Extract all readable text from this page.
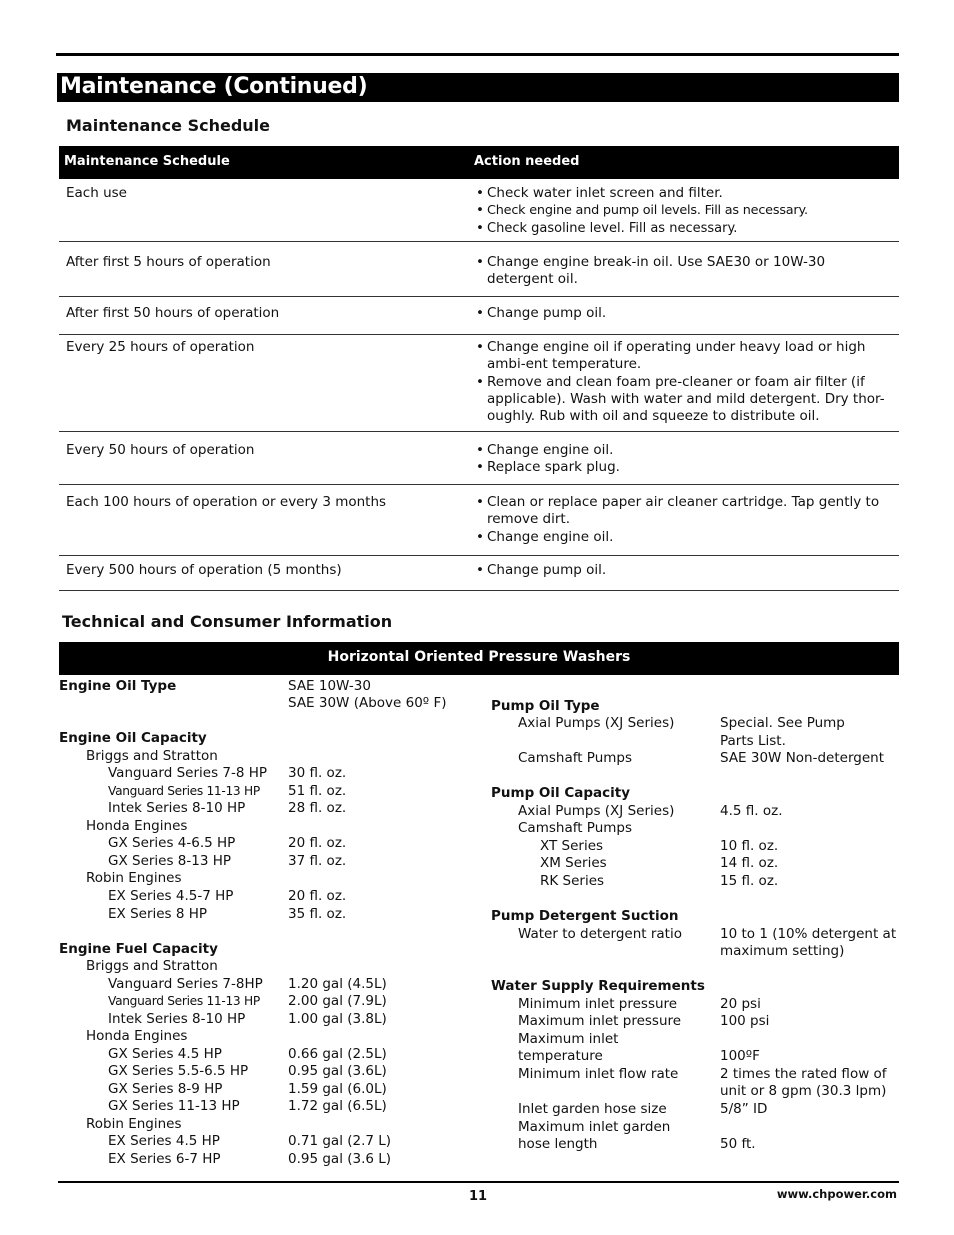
Maintenance (Continued)
Maintenance Schedule
Maintenance Schedule	Action needed
Each use	• Check water inlet screen and filter.
• Check engine and pump oil levels. Fill as necessary.
• Check gasoline level. Fill as necessary.
After first 5 hours of operation	• Change engine break-in oil. Use SAE30 or 10W-30 detergent oil.
After first 50 hours of operation	• Change pump oil.
Every 25 hours of operation	• Change engine oil if operating under heavy load or high ambi-ent temperature.
• Remove and clean foam pre-cleaner or foam air filter (if applicable). Wash with water and mild detergent. Dry thor-oughly. Rub with oil and squeeze to distribute oil.
Every 50 hours of operation	• Change engine oil.
• Replace spark plug.
Each 100 hours of operation or every 3 months	• Clean or replace paper air cleaner cartridge. Tap gently to remove dirt.
• Change engine oil.
Every 500 hours of operation (5 months)	• Change pump oil.
Technical and Consumer Information
Horizontal Oriented Pressure Washers
Engine Oil Type	SAE 10W-30
SAE 30W (Above 60º F)
Engine Oil Capacity
Briggs and Stratton
Vanguard Series 7-8 HP 30 fl. oz.
Vanguard Series 11-13 HP 51 fl. oz.
Intek Series 8-10 HP	28 fl. oz.
Honda Engines
GX Series 4-6.5 HP	20 fl. oz.
GX Series 8-13 HP	37 fl. oz.
Robin Engines
EX Series 4.5-7 HP	20 fl. oz.
EX Series 8 HP	35 fl. oz.
Engine Fuel Capacity
Briggs and Stratton
Vanguard Series 7-8HP 1.20 gal (4.5L)
Vanguard Series 11-13 HP 2.00 gal (7.9L)
Intek Series 8-10 HP	1.00 gal (3.8L)
Honda Engines
GX Series 4.5 HP	0.66 gal (2.5L)
GX Series 5.5-6.5 HP	0.95 gal (3.6L)
GX Series 8-9 HP	1.59 gal (6.0L)
GX Series 11-13 HP	1.72 gal (6.5L)
Robin Engines
EX Series 4.5 HP	0.71 gal (2.7 L)
EX Series 6-7 HP	0.95 gal (3.6 L)
Pump Oil Type
Axial Pumps (XJ Series)	Special. See Pump
Parts List.
Camshaft Pumps	SAE 30W Non-detergent
Pump Oil Capacity
Axial Pumps (XJ Series)	4.5 fl. oz.
Camshaft Pumps
XT Series	10 fl. oz.
XM Series	14 fl. oz.
RK Series	15 fl. oz.
Pump Detergent Suction
Water to detergent ratio	10 to 1 (10% detergent at
maximum setting)
Water Supply Requirements
Minimum inlet pressure	20 psi
Maximum inlet pressure	100 psi
Maximum inlet
temperature	100ºF
Minimum inlet flow rate	2 times the rated flow of
unit or 8 gpm (30.3 lpm)
Inlet garden hose size	5/8” ID
Maximum inlet garden
hose length	50 ft.
11	www.chpower.com
